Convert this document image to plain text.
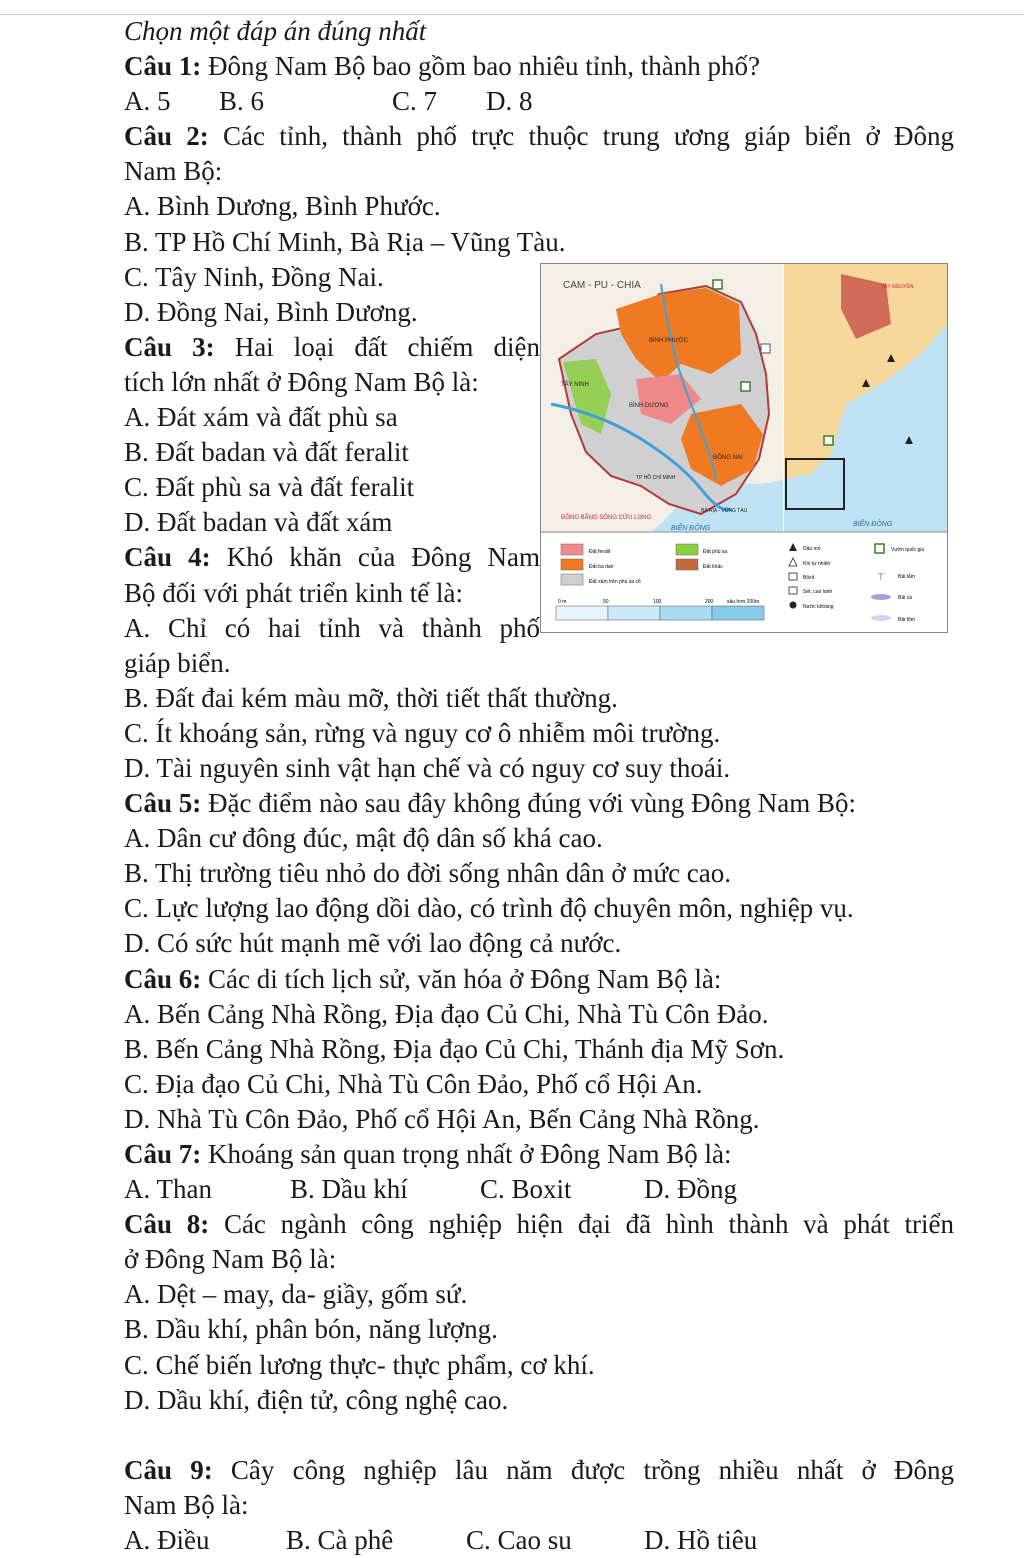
Chọn một đáp án đúng nhất
Câu 1: Đông Nam Bộ bao gồm bao nhiêu tỉnh, thành phố?
A. 5 B. 6	C. 7 D. 8
Câu 2: Các tỉnh, thành phố trực thuộc trung ương giáp biển ở Đông
Nam Bộ:
A. Bình Dương, Bình Phước.
B. TP Hồ Chí Minh, Bà Rịa – Vũng Tàu.
C. Tây Ninh, Đồng Nai.
D. Đồng Nai, Bình Dương.
Câu 3: Hai loại đất chiếm diện
tích lớn nhất ở Đông Nam Bộ là:
A. Đát xám và đất phù sa
B. Đất badan và đất feralit
C. Đất phù sa và đất feralit
D. Đất badan và đất xám
Câu 4: Khó khăn của Đông Nam
Bộ đối với phát triển kinh tế là:
A. Chỉ có hai tỉnh và thành phố
giáp biển.
B. Đất đai kém màu mỡ, thời tiết thất thường.
C. Ít khoáng sản, rừng và nguy cơ ô nhiễm môi trường.
D. Tài nguyên sinh vật hạn chế và có nguy cơ suy thoái.
Câu 5: Đặc điểm nào sau đây không đúng với vùng Đông Nam Bộ:
A. Dân cư đông đúc, mật độ dân số khá cao.
B. Thị trường tiêu nhỏ do đời sống nhân dân ở mức cao.
C. Lực lượng lao động dồi dào, có trình độ chuyên môn, nghiệp vụ.
D. Có sức hút mạnh mẽ với lao động cả nước.
Câu 6: Các di tích lịch sử, văn hóa ở Đông Nam Bộ là:
A. Bến Cảng Nhà Rồng, Địa đạo Củ Chi, Nhà Tù Côn Đảo.
B. Bến Cảng Nhà Rồng, Địa đạo Củ Chi, Thánh địa Mỹ Sơn.
C. Địa đạo Củ Chi, Nhà Tù Côn Đảo, Phố cổ Hội An.
D. Nhà Tù Côn Đảo, Phố cổ Hội An, Bến Cảng Nhà Rồng.
Câu 7: Khoáng sản quan trọng nhất ở Đông Nam Bộ là:
A. Than	B. Dầu khí	C. Boxit	D. Đồng
Câu 8: Các ngành công nghiệp hiện đại đã hình thành và phát triển
ở Đông Nam Bộ là:
A. Dệt – may, da- giầy, gốm sứ.
B. Dầu khí, phân bón, năng lượng.
C. Chế biến lương thực- thực phẩm, cơ khí.
D. Dầu khí, điện tử, công nghệ cao.
Câu 9: Cây công nghiệp lâu năm được trồng nhiều nhất ở Đông
Nam Bộ là:
A. Điều	B. Cà phê	C. Cao su	D. Hồ tiêu
CAM - PU - CHIA
BÌNH PHƯỚC
TÂY NINH
BÌNH DƯƠNG
ĐỒNG NAI
TP HỒ CHÍ MINH
BÀ RỊA - VŨNG TÀU
ĐỒNG BẰNG SÔNG CỬU LONG
BIỂN ĐÔNG
TÂY NGUYÊN
BIỂN ĐÔNG
Đất feralit
Đất ba dan
Đất xám trên phù sa cổ
Đất phù sa
Đất khác
0 m	50	100	200	sâu hơn 200m
Dầu mỏ
Khí tự nhiên
Bôxít
Sét, cao lanh
Nước khoáng
Vườn quốc gia
⊤	Bãi tắm
Bãi cá
Bãi tôm
